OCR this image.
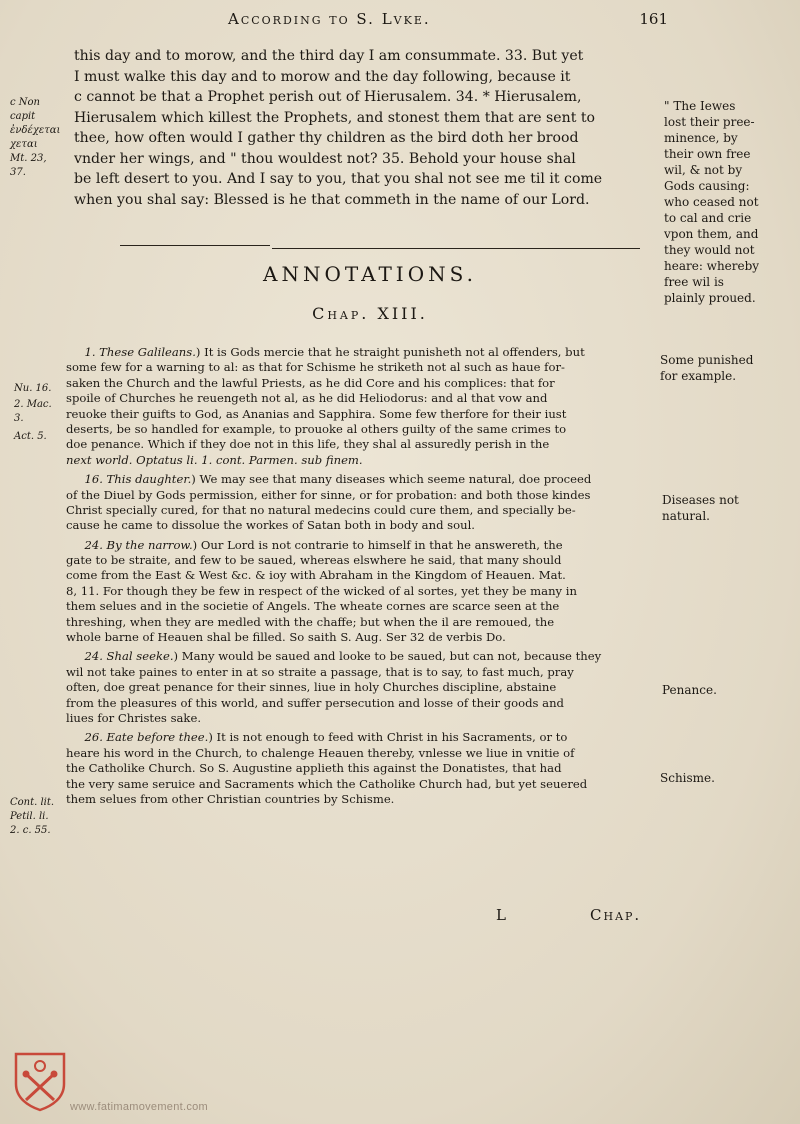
According to S. Lvke.	161
this day and to morow, and the third day I am consummate. 33. But yet
I must walke this day and to morow and the day following, because it
c cannot be that a Prophet perish out of Hierusalem. 34. * Hierusalem,
Hierusalem which killest the Prophets, and stonest them that are sent to
thee, how often would I gather thy children as the bird doth her brood
vnder her wings, and " thou wouldest not? 35. Behold your house shal
be left desert to you. And I say to you, that you shal not see me til it come
when you shal say: Blessed is he that commeth in the name of our Lord.
c Non
capit
ἐνδέχεται
χεται
Mt. 23,
37.
" The Iewes
lost their pree-
minence, by
their own free
wil, & not by
Gods causing:
who ceased not
to cal and crie
vpon them, and
they would not
heare: whereby
free wil is
plainly proued.
ANNOTATIONS.
Chap. XIII.
1. These Galileans.) It is Gods mercie that he straight punisheth not al offenders, but
some few for a warning to al: as that for Schisme he striketh not al such as haue for-
saken the Church and the lawful Priests, as he did Core and his complices: that for
spoile of Churches he reuengeth not al, as he did Heliodorus: and al that vow and
reuoke their guifts to God, as Ananias and Sapphira. Some few therfore for their iust
deserts, be so handled for example, to prouoke al others guilty of the same crimes to
doe penance. Which if they doe not in this life, they shal al assuredly perish in the
next world. Optatus li. 1. cont. Parmen. sub finem.
16. This daughter.) We may see that many diseases which seeme natural, doe proceed
of the Diuel by Gods permission, either for sinne, or for probation: and both those kindes
Christ specially cured, for that no natural medecins could cure them, and specially be-
cause he came to dissolue the workes of Satan both in body and soul.
24. By the narrow.) Our Lord is not contrarie to himself in that he answereth, the
gate to be straite, and few to be saued, whereas elswhere he said, that many should
come from the East & West &c. & ioy with Abraham in the Kingdom of Heauen. Mat.
8, 11. For though they be few in respect of the wicked of al sortes, yet they be many in
them selues and in the societie of Angels. The wheate cornes are scarce seen at the
threshing, when they are medled with the chaffe; but when the il are remoued, the
whole barne of Heauen shal be filled. So saith S. Aug. Ser 32 de verbis Do.
24. Shal seeke.) Many would be saued and looke to be saued, but can not, because they
wil not take paines to enter in at so straite a passage, that is to say, to fast much, pray
often, doe great penance for their sinnes, liue in holy Churches discipline, abstaine
from the pleasures of this world, and suffer persecution and losse of their goods and
liues for Christes sake.
26. Eate before thee.) It is not enough to feed with Christ in his Sacraments, or to
heare his word in the Church, to chalenge Heauen thereby, vnlesse we liue in vnitie of
the Catholike Church. So S. Augustine applieth this against the Donatistes, that had
the very same seruice and Sacraments which the Catholike Church had, but yet seuered
them selues from other Christian countries by Schisme.
Nu. 16.
2. Mac.
3.
Act. 5.
Cont. lit.
Petil. li.
2. c. 55.
Some punished
for example.
Diseases not
natural.
Penance.
Schisme.
L	Chap.
www.fatimamovement.com
